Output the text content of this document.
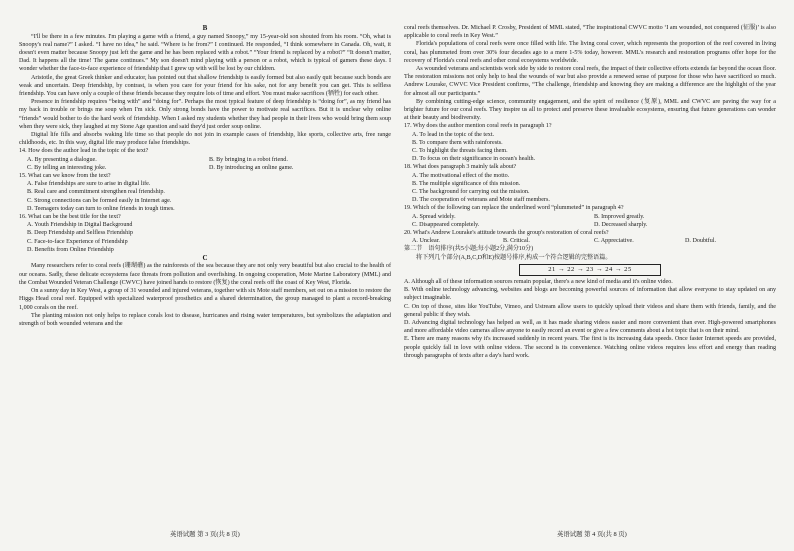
B

“I'll be there in a few minutes. I'm playing a game with a friend, a guy named Snoopy,” my 15-year-old son shouted from his room. “Oh, what is Snoopy's real name?” I asked. “I have no idea,” he said. “Where is he from?” I continued. He responded, “I think somewhere in Canada. Oh, wait, it doesn't even matter because Snoopy just left the game and he has been replaced with a robot.” “Your friend is replaced by a robot?” “It doesn't matter, Dad. It happens all the time! The game continues.” My son doesn't mind playing with a person or a robot, which is typical of gamers these days. I wonder whether the face-to-face experience of friendship that I grew up with will be lost by our children.

Aristotle, the great Greek thinker and educator, has pointed out that shallow friendship is easily formed but also easily quit because such bonds are weak and uncertain. Deep friendship, by contrast, is when you care for your friend for his sake, not for any benefit you can get. This is selfless friendship. You can have only a couple of these friends because they require lots of time and effort. You must make sacrifices (牺牲) for each other.

Presence in friendship requires “being with” and “doing for”. Perhaps the most typical feature of deep friendship is “doing for”, as my friend has my back in trouble or brings me soup when I'm sick. Only strong bonds have the power to motivate real sacrifices. But it is unclear why online “friends” would bother to do the hard work of friendship. When I asked my students whether they had people in their lives who would bring them soup when they were sick, they laughed at my Stone Age question and said they'd just order soup online.

Digital life fills and absorbs waking life time so that people do not join in example cases of friendship, like sports, collective arts, free range childhoods, etc. In this way, digital life may produce false friendships.

14. How does the author lead in the topic of the text?

A. By presenting a dialogue.	B. By bringing in a robot friend.
C. By telling an interesting joke.	D. By introducing an online game.

15. What can we know from the text?

A. False friendships are sure to arise in digital life.

B. Real care and commitment strengthen real friendship.

C. Strong connections can be formed easily in Internet age.

D. Teenagers today can turn to online friends in tough times.

16. What can be the best title for the text?

A. Youth Friendship in Digital Background

B. Deep Friendship and Selfless Friendship

C. Face-to-face Experience of Friendship

D. Benefits from Online Friendship

C

Many researchers refer to coral reefs (珊瑚礁) as the rainforests of the sea because they are not only very beautiful but also crucial to the health of our oceans. Sadly, these delicate ecosystems face threats from pollution and overfishing. In ongoing cooperation, Mote Marine Laboratory (MML) and the Combat Wounded Veteran Challenge (CWVC) have joined hands to restore (恢复) the coral reefs off the coast of Key West, Florida.

On a sunny day in Key West, a group of 31 wounded and injured veterans, together with six Mote staff members, set out on a mission to restore the Higgs Head coral reef. Equipped with specialized waterproof prosthetics and a shared determination, the group managed to plant a record-breaking 1,000 corals on the reef.

The planting mission not only helps to replace corals lost to disease, hurricanes and rising water temperatures, but symbolizes the adaptation and strength of both wounded veterans and the

coral reefs themselves. Dr. Michael P. Crosby, President of MML stated, “The inspirational CWVC motto ‘I am wounded, not conquered (征服)’ is also applicable to coral reefs in Key West.”

Florida's populations of coral reefs were once filled with life. The living coral cover, which represents the proportion of the reef covered in living coral, has plummeted from over 30% four decades ago to a mere 1-5% today, however. MML's research and restoration programs offer hope for the recovery of Florida's coral reefs and other coral ecosystems worldwide.

As wounded veterans and scientists work side by side to restore coral reefs, the impact of their collective efforts extends far beyond the ocean floor. The restoration missions not only help to heal the wounds of war but also provide a renewed sense of purpose for those who have sacrificed so much. Andrew Lourake, CWVC Vice President confirms, “The challenge, friendship and knowing they are making a difference are the highlight of the year for almost all our participants.”

By combining cutting-edge science, community engagement, and the spirit of resilience (复原), MML and CWVC are paving the way for a brighter future for our coral reefs. They inspire us all to protect and preserve these invaluable ecosystems, ensuring that future generations can wonder at their beauty and biodiversity.

17. Why does the author mention coral reefs in paragraph 1?

A. To lead in the topic of the text.

B. To compare them with rainforests.

C. To highlight the threats facing them.

D. To focus on their significance in ocean's health.

18. What does paragraph 3 mainly talk about?

A. The motivational effect of the motto.

B. The multiple significance of this mission.

C. The background for carrying out the mission.

D. The cooperation of veterans and Mote staff members.

19. Which of the following can replace the underlined word “plummeted” in paragraph 4?

A. Spread widely.	B. Improved greatly.
C. Disappeared completely.	D. Decreased sharply.

20. What's Andrew Lourake's attitude towards the group's restoration of coral reefs?

A. Unclear.	B. Critical.	C. Appreciative.	D. Doubtful.

第二节　语句排序(共5小题;每小题2分,满分10分)

将下列几个部分(A,B,C,D和E)按题号排序,构成一个符合逻辑的完整语篇。

21 → 22 → 23 → 24 → 25

A. Although all of these information sources remain popular, there's a new kind of media and it's online video.

B. With online technology advancing, websites and blogs are becoming powerful sources of information that allow everyone to stay updated on any subject imaginable.

C. On top of those, sites like YouTube, Vimeo, and Ustream allow users to quickly upload their videos and share them with friends, family, and the general public if they wish.

D. Advancing digital technology has helped as well, as it has made sharing videos easier and more convenient than ever. High-powered smartphones and more affordable video cameras allow anyone to easily record an event or give a few comments about a hot topic that is on their mind.

E. There are many reasons why it's increased suddenly in recent years. The first is its increasing data speeds. Once faster Internet speeds are provided, people quickly fall in love with online videos. The second is its convenience. Watching online videos requires less effort and energy than reading through paragraphs of texts after a day's hard work.

英语试题 第 3 页(共 8 页)	英语试题 第 4 页(共 8 页)
